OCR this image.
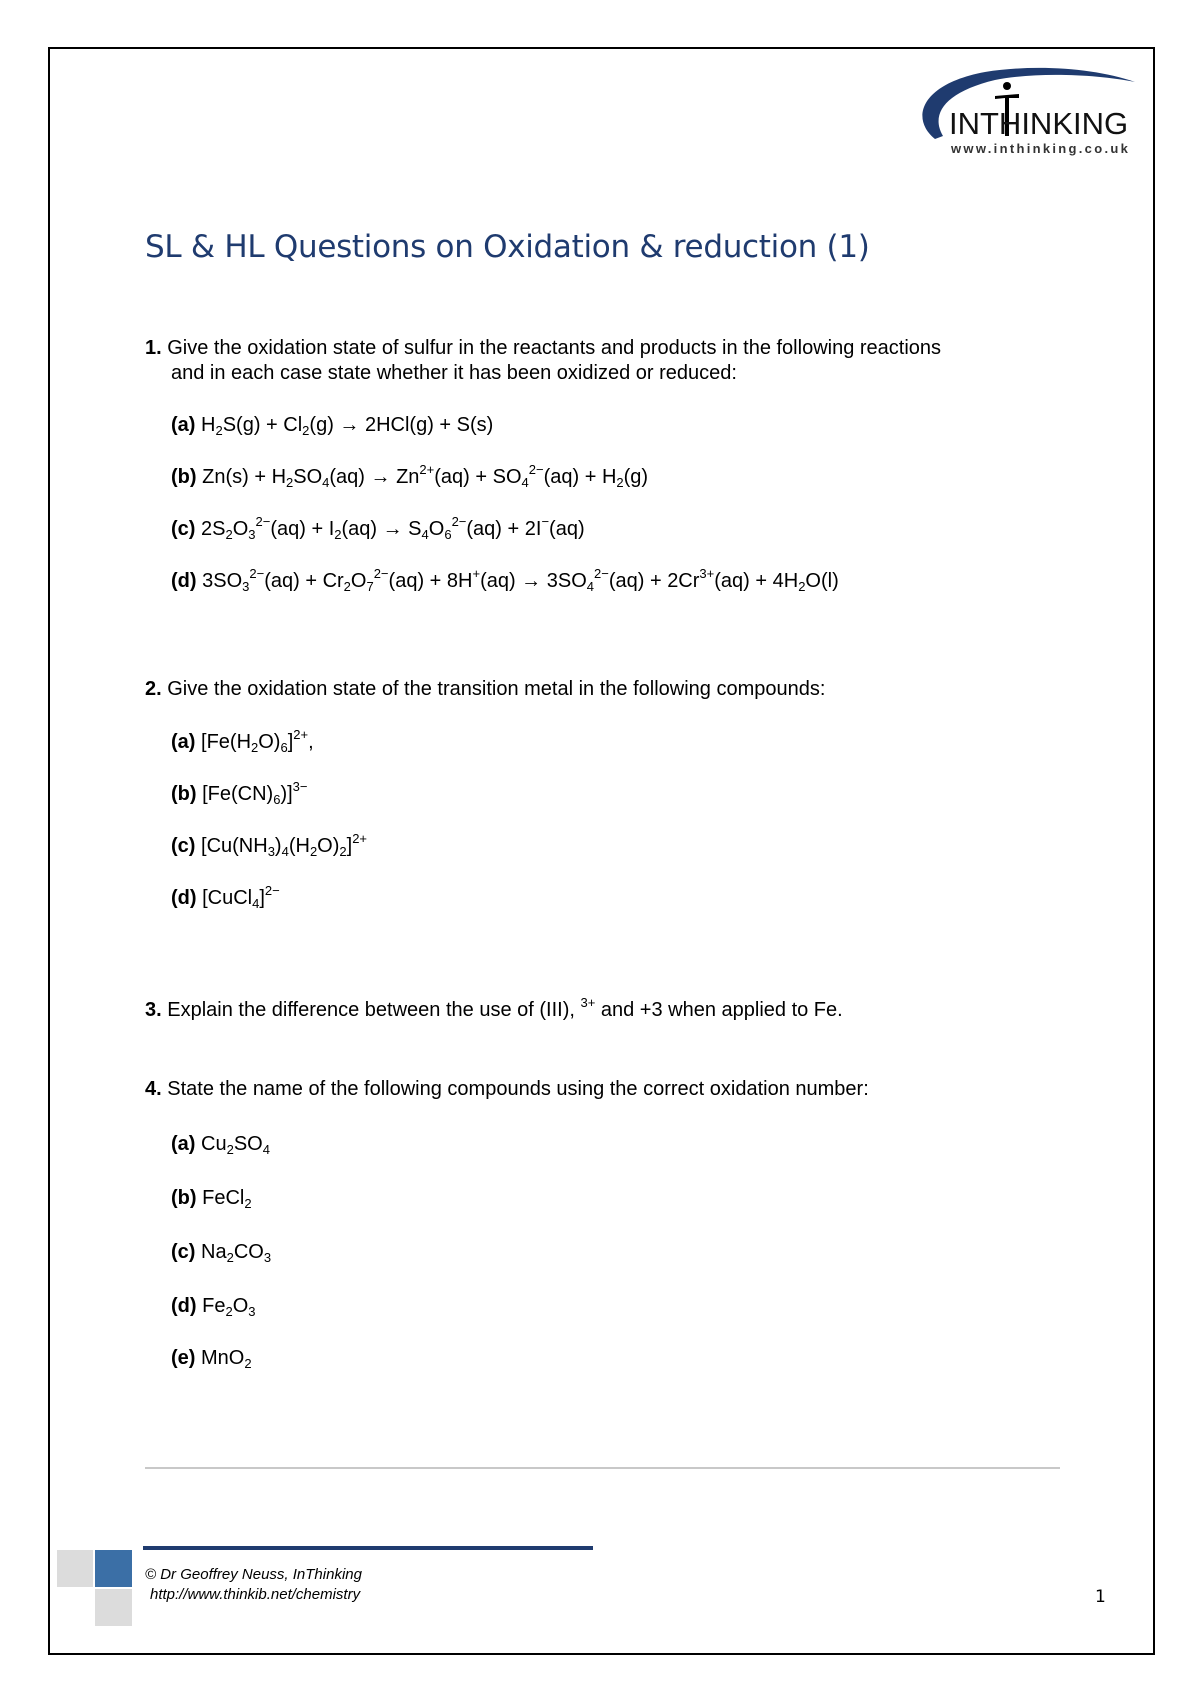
INTHINKING
www.inthinking.co.uk
SL & HL Questions on Oxidation & reduction (1)
1. Give the oxidation state of sulfur in the reactants and products in the following reactions
and in each case state whether it has been oxidized or reduced:
(a) $H_2S(g) + Cl_2(g) \to 2HCl(g) + S(s)$
(b) $Zn(s) + H_2SO_4(aq) \to Zn^{2+}(aq) + SO_4^{2-}(aq) + H_2(g)$
(c) $2S_2O_3^{2-}(aq) + I_2(aq) \to S_4O_6^{2-}(aq) + 2I^-(aq)$
(d) $3SO_3^{2-}(aq) + Cr_2O_7^{2-}(aq) + 8H^+(aq) \to 3SO_4^{2-}(aq) + 2Cr^{3+}(aq) + 4H_2O(l)$
2. Give the oxidation state of the transition metal in the following compounds:
(a) $[Fe(H_2O)_6]^{2+}$,
(b) $[Fe(CN)_6)]^{3-}$
(c) $[Cu(NH_3)_4(H_2O)_2]^{2+}$
(d) [CuCl$_4$]$^{2-}$
3. Explain the difference between the use of (III), $^{3+}$ and +3 when applied to Fe.
4. State the name of the following compounds using the correct oxidation number:
(a) $Cu_2SO_4$
(b) FeCl$_2$
(c) $Na_2CO_3$
(d) $Fe_2O_3$
(e) MnO$_2$
© Dr Geoffrey Neuss, InThinking
http://www.thinkib.net/chemistry	1
